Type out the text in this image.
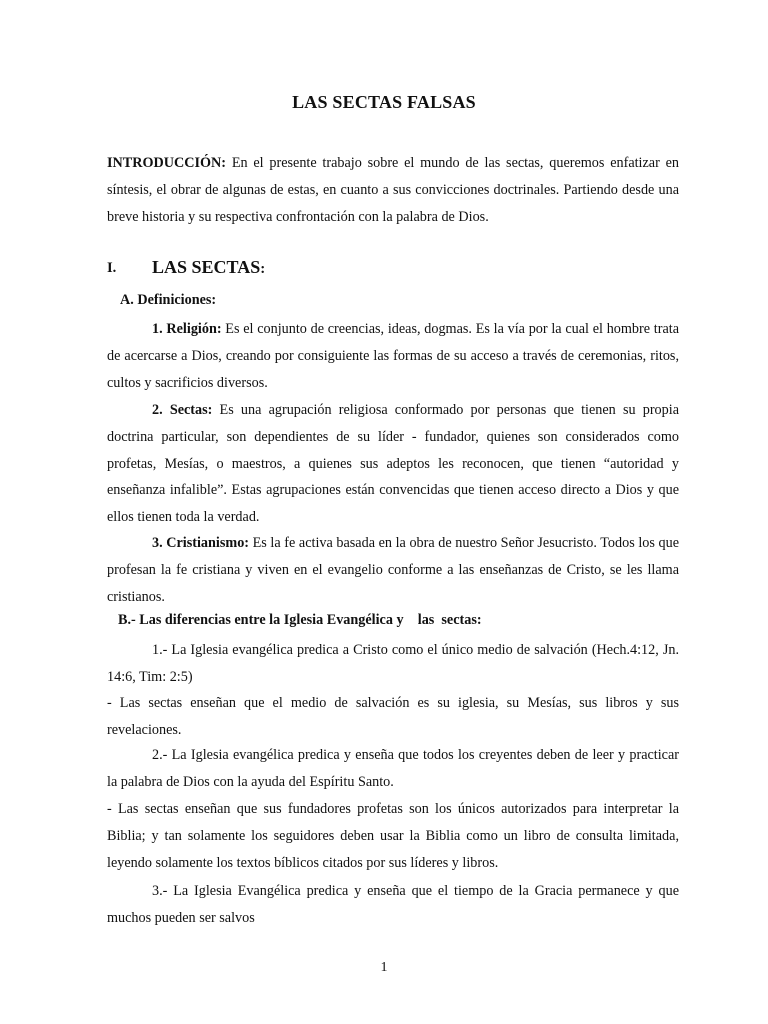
LAS SECTAS FALSAS
INTRODUCCIÓN: En el presente trabajo sobre el mundo de las sectas, queremos enfatizar en síntesis, el obrar de algunas de estas, en cuanto a sus convicciones doctrinales. Partiendo desde una breve historia y su respectiva confrontación con la palabra de Dios.
I. LAS SECTAS:
A. Definiciones:
1. Religión: Es el conjunto de creencias, ideas, dogmas. Es la vía por la cual el hombre trata de acercarse a Dios, creando por consiguiente las formas de su acceso a través de ceremonias, ritos, cultos y sacrificios diversos.
2. Sectas: Es una agrupación religiosa conformado por personas que tienen su propia doctrina particular, son dependientes de su líder - fundador, quienes son considerados como profetas, Mesías, o maestros, a quienes sus adeptos les reconocen, que tienen “autoridad y enseñanza infalible”. Estas agrupaciones están convencidas que tienen acceso directo a Dios y que ellos tienen toda la verdad.
3. Cristianismo: Es la fe activa basada en la obra de nuestro Señor Jesucristo. Todos los que profesan la fe cristiana y viven en el evangelio conforme a las enseñanzas de Cristo, se les llama cristianos.
B.- Las diferencias entre la Iglesia Evangélica y    las  sectas:
1.- La Iglesia evangélica predica a Cristo como el único medio de salvación (Hech.4:12, Jn. 14:6, Tim: 2:5)
- Las sectas enseñan que el medio de salvación es su iglesia, su Mesías, sus libros y sus revelaciones.
2.- La Iglesia evangélica predica y enseña que todos los creyentes deben de leer y practicar la palabra de Dios con la ayuda del Espíritu Santo.
- Las sectas enseñan que sus fundadores profetas son los únicos autorizados para interpretar la Biblia; y tan solamente los seguidores deben usar la Biblia como un libro de consulta limitada, leyendo solamente los textos bíblicos citados por sus líderes y libros.
3.- La Iglesia Evangélica predica y enseña que el tiempo de la Gracia permanece y que muchos pueden ser salvos
1
